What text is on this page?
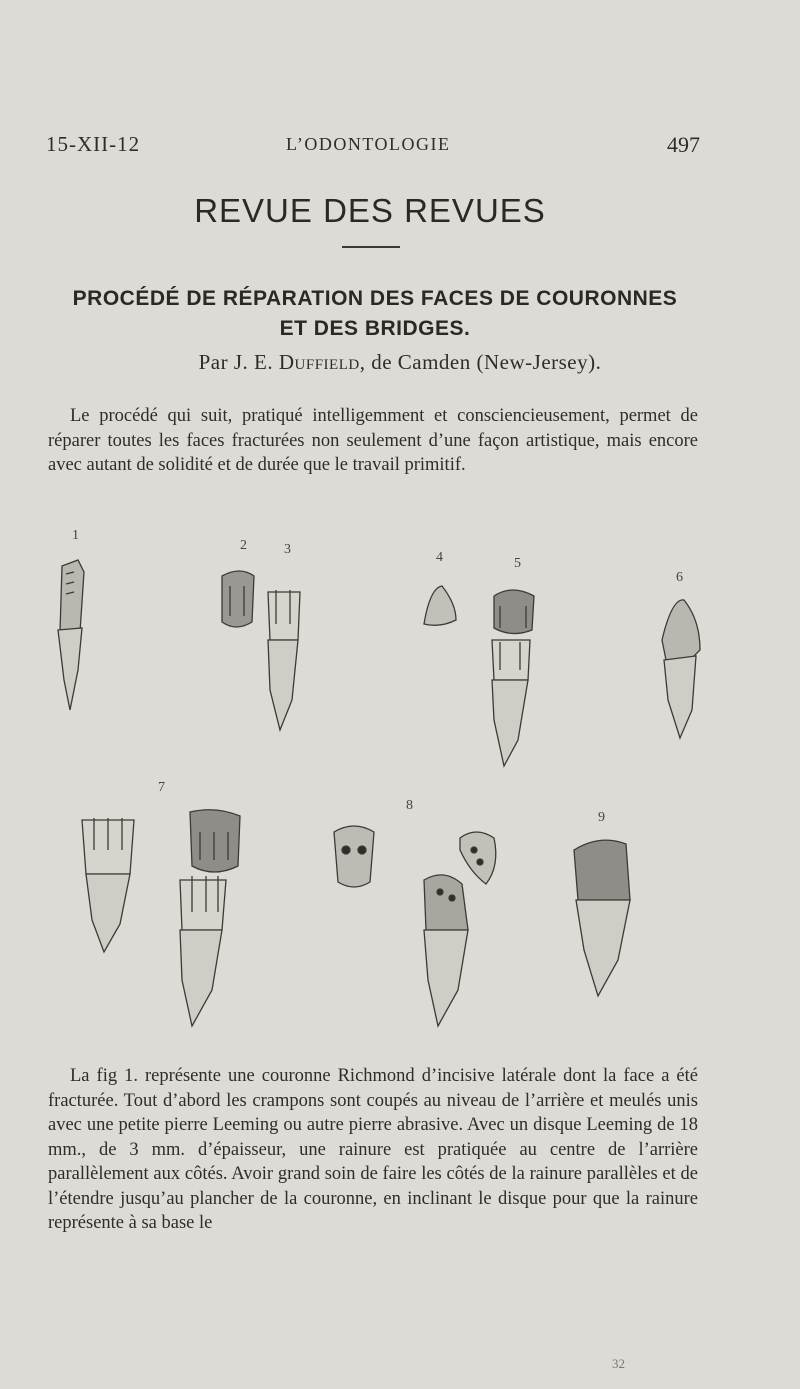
15-XII-12	L’ODONTOLOGIE	497
REVUE DES REVUES
PROCÉDÉ DE RÉPARATION DES FACES DE COURONNES ET DES BRIDGES.
Par J. E. Duffield, de Camden (New-Jersey).

Le procédé qui suit, pratiqué intelligemment et consciencieusement, permet de réparer toutes les faces fracturées non seulement d’une façon artistique, mais encore avec autant de solidité et de durée que le travail primitif.

1
2	3
4	5
6
7
8
9

La fig 1. représente une couronne Richmond d’incisive latérale dont la face a été fracturée. Tout d’abord les crampons sont coupés au niveau de l’arrière et meulés unis avec une petite pierre Leeming ou autre pierre abrasive. Avec un disque Leeming de 18 mm., de 3 mm. d’épaisseur, une rainure est pratiquée au centre de l’arrière parallèlement aux côtés. Avoir grand soin de faire les côtés de la rainure parallèles et de l’étendre jusqu’au plancher de la couronne, en inclinant le disque pour que la rainure représente à sa base le

32
